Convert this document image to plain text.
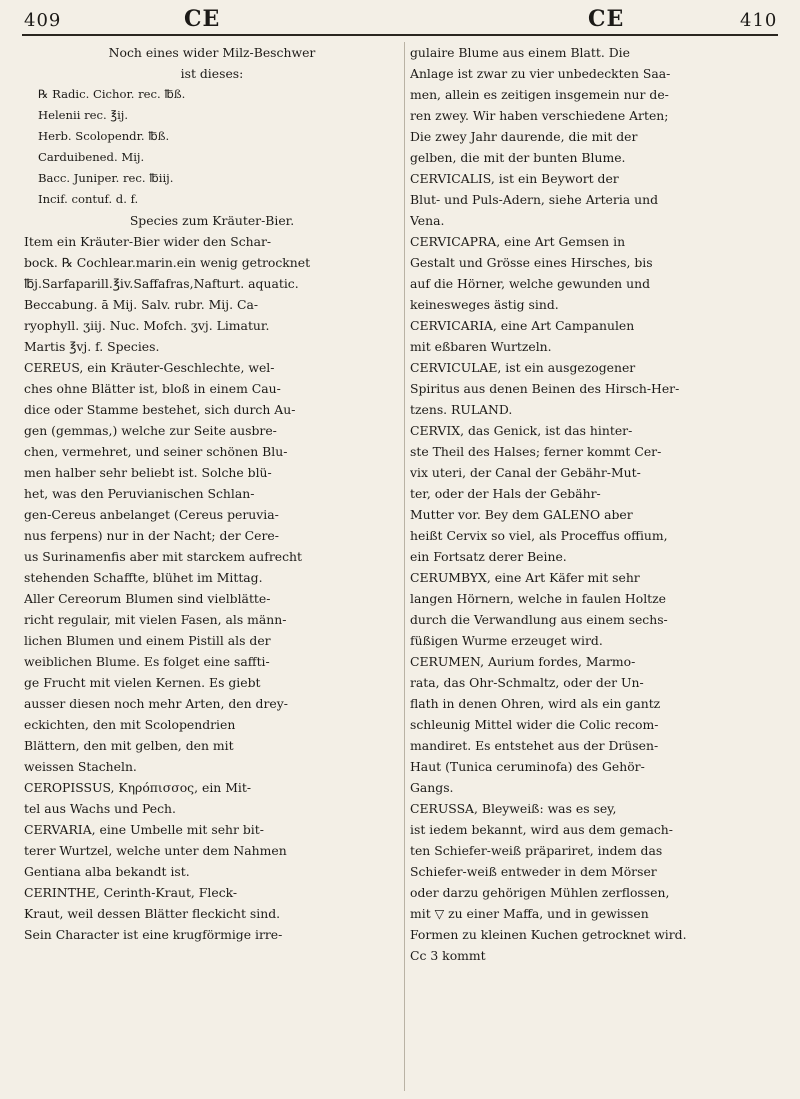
409	CE	CE	410
Noch eines wider Milz-Beschwer
ist dieses:
℞ Radic. Cichor. rec. ℔ß.
Helenii rec. ℥ij.
Herb. Scolopendr. ℔ß.
Carduibened. Mij.
Bacc. Juniper. rec. ℔iij.
Incif. contuf. d. f.
Species zum Kräuter-Bier.
Item ein Kräuter-Bier wider den Schar-
bock. ℞ Cochlear.marin.ein wenig getrocknet
℔j.Sarfaparill.℥iv.Saffafras,Nafturt. aquatic.
Beccabung. ā Mij. Salv. rubr. Mij. Ca-
ryophyll. ʒiij. Nuc. Mofch. ʒvj. Limatur.
Martis ℥vj. f. Species.
CEREUS, ein Kräuter-Geschlechte, wel-
ches ohne Blätter ist, bloß in einem Cau-
dice oder Stamme bestehet, sich durch Au-
gen (gemmas,) welche zur Seite ausbre-
chen, vermehret, und seiner schönen Blu-
men halber sehr beliebt ist. Solche blü-
het, was den Peruvianischen Schlan-
gen-Cereus anbelanget (Cereus peruvia-
nus ferpens) nur in der Nacht; der Cere-
us Surinamenfis aber mit starckem aufrecht
stehenden Schaffte, blühet im Mittag.
Aller Cereorum Blumen sind vielblätte-
richt regulair, mit vielen Fasen, als männ-
lichen Blumen und einem Pistill als der
weiblichen Blume. Es folget eine saffti-
ge Frucht mit vielen Kernen. Es giebt
ausser diesen noch mehr Arten, den drey-
eckichten, den mit Scolopendrien
Blättern, den mit gelben, den mit
weissen Stacheln.
CEROPISSUS, Κηρόπισσος, ein Mit-
tel aus Wachs und Pech.
CERVARIA, eine Umbelle mit sehr bit-
terer Wurtzel, welche unter dem Nahmen
Gentiana alba bekandt ist.
CERINTHE, Cerinth-Kraut, Fleck-
Kraut, weil dessen Blätter fleckicht sind.
Sein Character ist eine krugförmige irre-
gulaire Blume aus einem Blatt. Die
Anlage ist zwar zu vier unbedeckten Saa-
men, allein es zeitigen insgemein nur de-
ren zwey. Wir haben verschiedene Arten;
Die zwey Jahr daurende, die mit der
gelben, die mit der bunten Blume.
CERVICALIS, ist ein Beywort der
Blut- und Puls-Adern, siehe Arteria und
Vena.
CERVICAPRA, eine Art Gemsen in
Gestalt und Grösse eines Hirsches, bis
auf die Hörner, welche gewunden und
keinesweges ästig sind.
CERVICARIA, eine Art Campanulen
mit eßbaren Wurtzeln.
CERVICULAE, ist ein ausgezogener
Spiritus aus denen Beinen des Hirsch-Her-
tzens. RULAND.
CERVIX, das Genick, ist das hinter-
ste Theil des Halses; ferner kommt Cer-
vix uteri, der Canal der Gebähr-Mut-
ter, oder der Hals der Gebähr-
Mutter vor. Bey dem GALENO aber
heißt Cervix so viel, als Proceffus offium,
ein Fortsatz derer Beine.
CERUMBYX, eine Art Käfer mit sehr
langen Hörnern, welche in faulen Holtze
durch die Verwandlung aus einem sechs-
füßigen Wurme erzeuget wird.
CERUMEN, Aurium fordes, Marmo-
rata, das Ohr-Schmaltz, oder der Un-
flath in denen Ohren, wird als ein gantz
schleunig Mittel wider die Colic recom-
mandiret. Es entstehet aus der Drüsen-
Haut (Tunica ceruminofa) des Gehör-
Gangs.
CERUSSA, Bleyweiß: was es sey,
ist iedem bekannt, wird aus dem gemach-
ten Schiefer-weiß präpariret, indem das
Schiefer-weiß entweder in dem Mörser
oder darzu gehörigen Mühlen zerflossen,
mit ▽ zu einer Maffa, und in gewissen
Formen zu kleinen Kuchen getrocknet wird.
Cc 3 kommt
